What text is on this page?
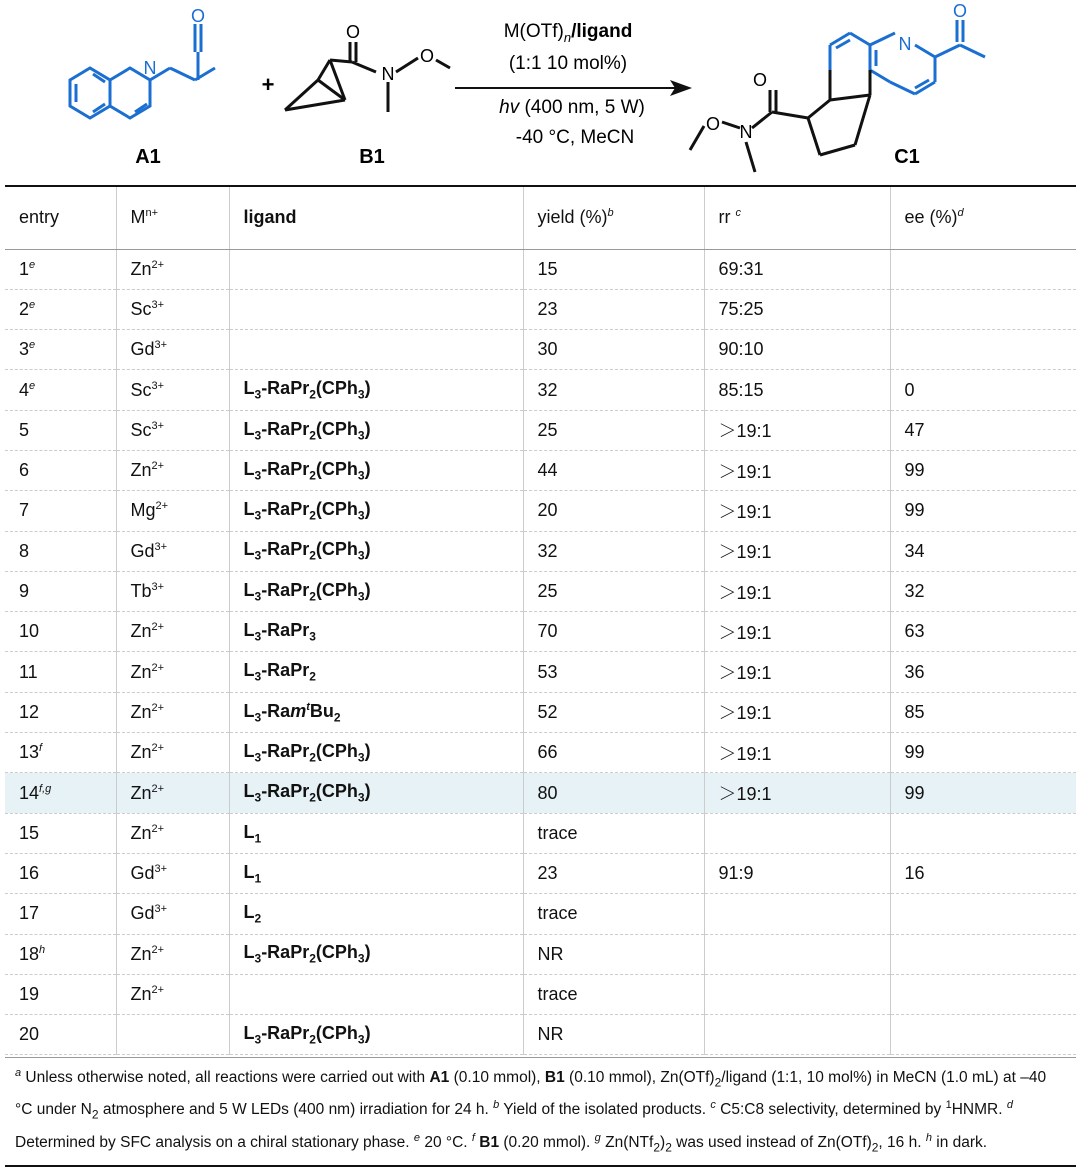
N
O
A1
+
O
N
O
B1
$M(OTf)_n$/ligand
(1:1 10 mol%)
hv (400 nm, 5 W)
-40 °C, MeCN
N
O
O
N
O
C1
entry	$M^{n+}$	ligand	yield (%)$^b$	rr $^c$	ee (%)$^d$
1e	$Zn^{2+}$		15	69:31	
2e	$Sc^{3+}$		23	75:25	
3e	$Gd^{3+}$		30	90:10	
4e	$Sc^{3+}$	$L_3-RaPr_2(CPh_3)$	32	85:15	0
5	$Sc^{3+}$	$L_3-RaPr_2(CPh_3)$	25	＞19:1	47
6	$Zn^{2+}$	$L_3-RaPr_2(CPh_3)$	44	＞19:1	99
7	$Mg^{2+}$	$L_3-RaPr_2(CPh_3)$	20	＞19:1	99
8	$Gd^{3+}$	$L_3-RaPr_2(CPh_3)$	32	＞19:1	34
9	$Tb^{3+}$	$L_3-RaPr_2(CPh_3)$	25	＞19:1	32
10	$Zn^{2+}$	$L_3-RaPr_3$	70	＞19:1	63
11	$Zn^{2+}$	$L_3-RaPr_2$	53	＞19:1	36
12	$Zn^{2+}$	$L_3-Ram^tBu_2$	52	＞19:1	85
13$^f$	$Zn^{2+}$	$L_3-RaPr_2(CPh_3)$	66	＞19:1	99
14$^{f,g}$	$Zn^{2+}$	$L_3-RaPr_2(CPh_3)$	80	＞19:1	99
15	$Zn^{2+}$	$L_1$	trace		
16	$Gd^{3+}$	$L_1$	23	91:9	16
17	$Gd^{3+}$	$L_2$	trace		
18$^h$	$Zn^{2+}$	$L_3-RaPr_2(CPh_3)$	NR		
19	$Zn^{2+}$		trace		
20		$L_3-RaPr_2(CPh_3)$	NR		
$^a$ Unless otherwise noted, all reactions were carried out with A1 (0.10 mmol), B1 (0.10 mmol), $Zn(OTf)_2$/ligand (1:1, 10 mol%) in MeCN (1.0 mL) at –40 °C under $N_2$ atmosphere and 5 W LEDs (400 nm) irradiation for 24 h. $^b$ Yield of the isolated products. $^c$ C5:C8 selectivity, determined by $^1$HNMR. $^d$ Determined by SFC analysis on a chiral stationary phase. $^e$ 20 °C. $^f$ B1 (0.20 mmol). $^g$ $Zn(NTf_2)_2$ was used instead of $Zn(OTf)_2$, 16 h. $^h$ in dark.
